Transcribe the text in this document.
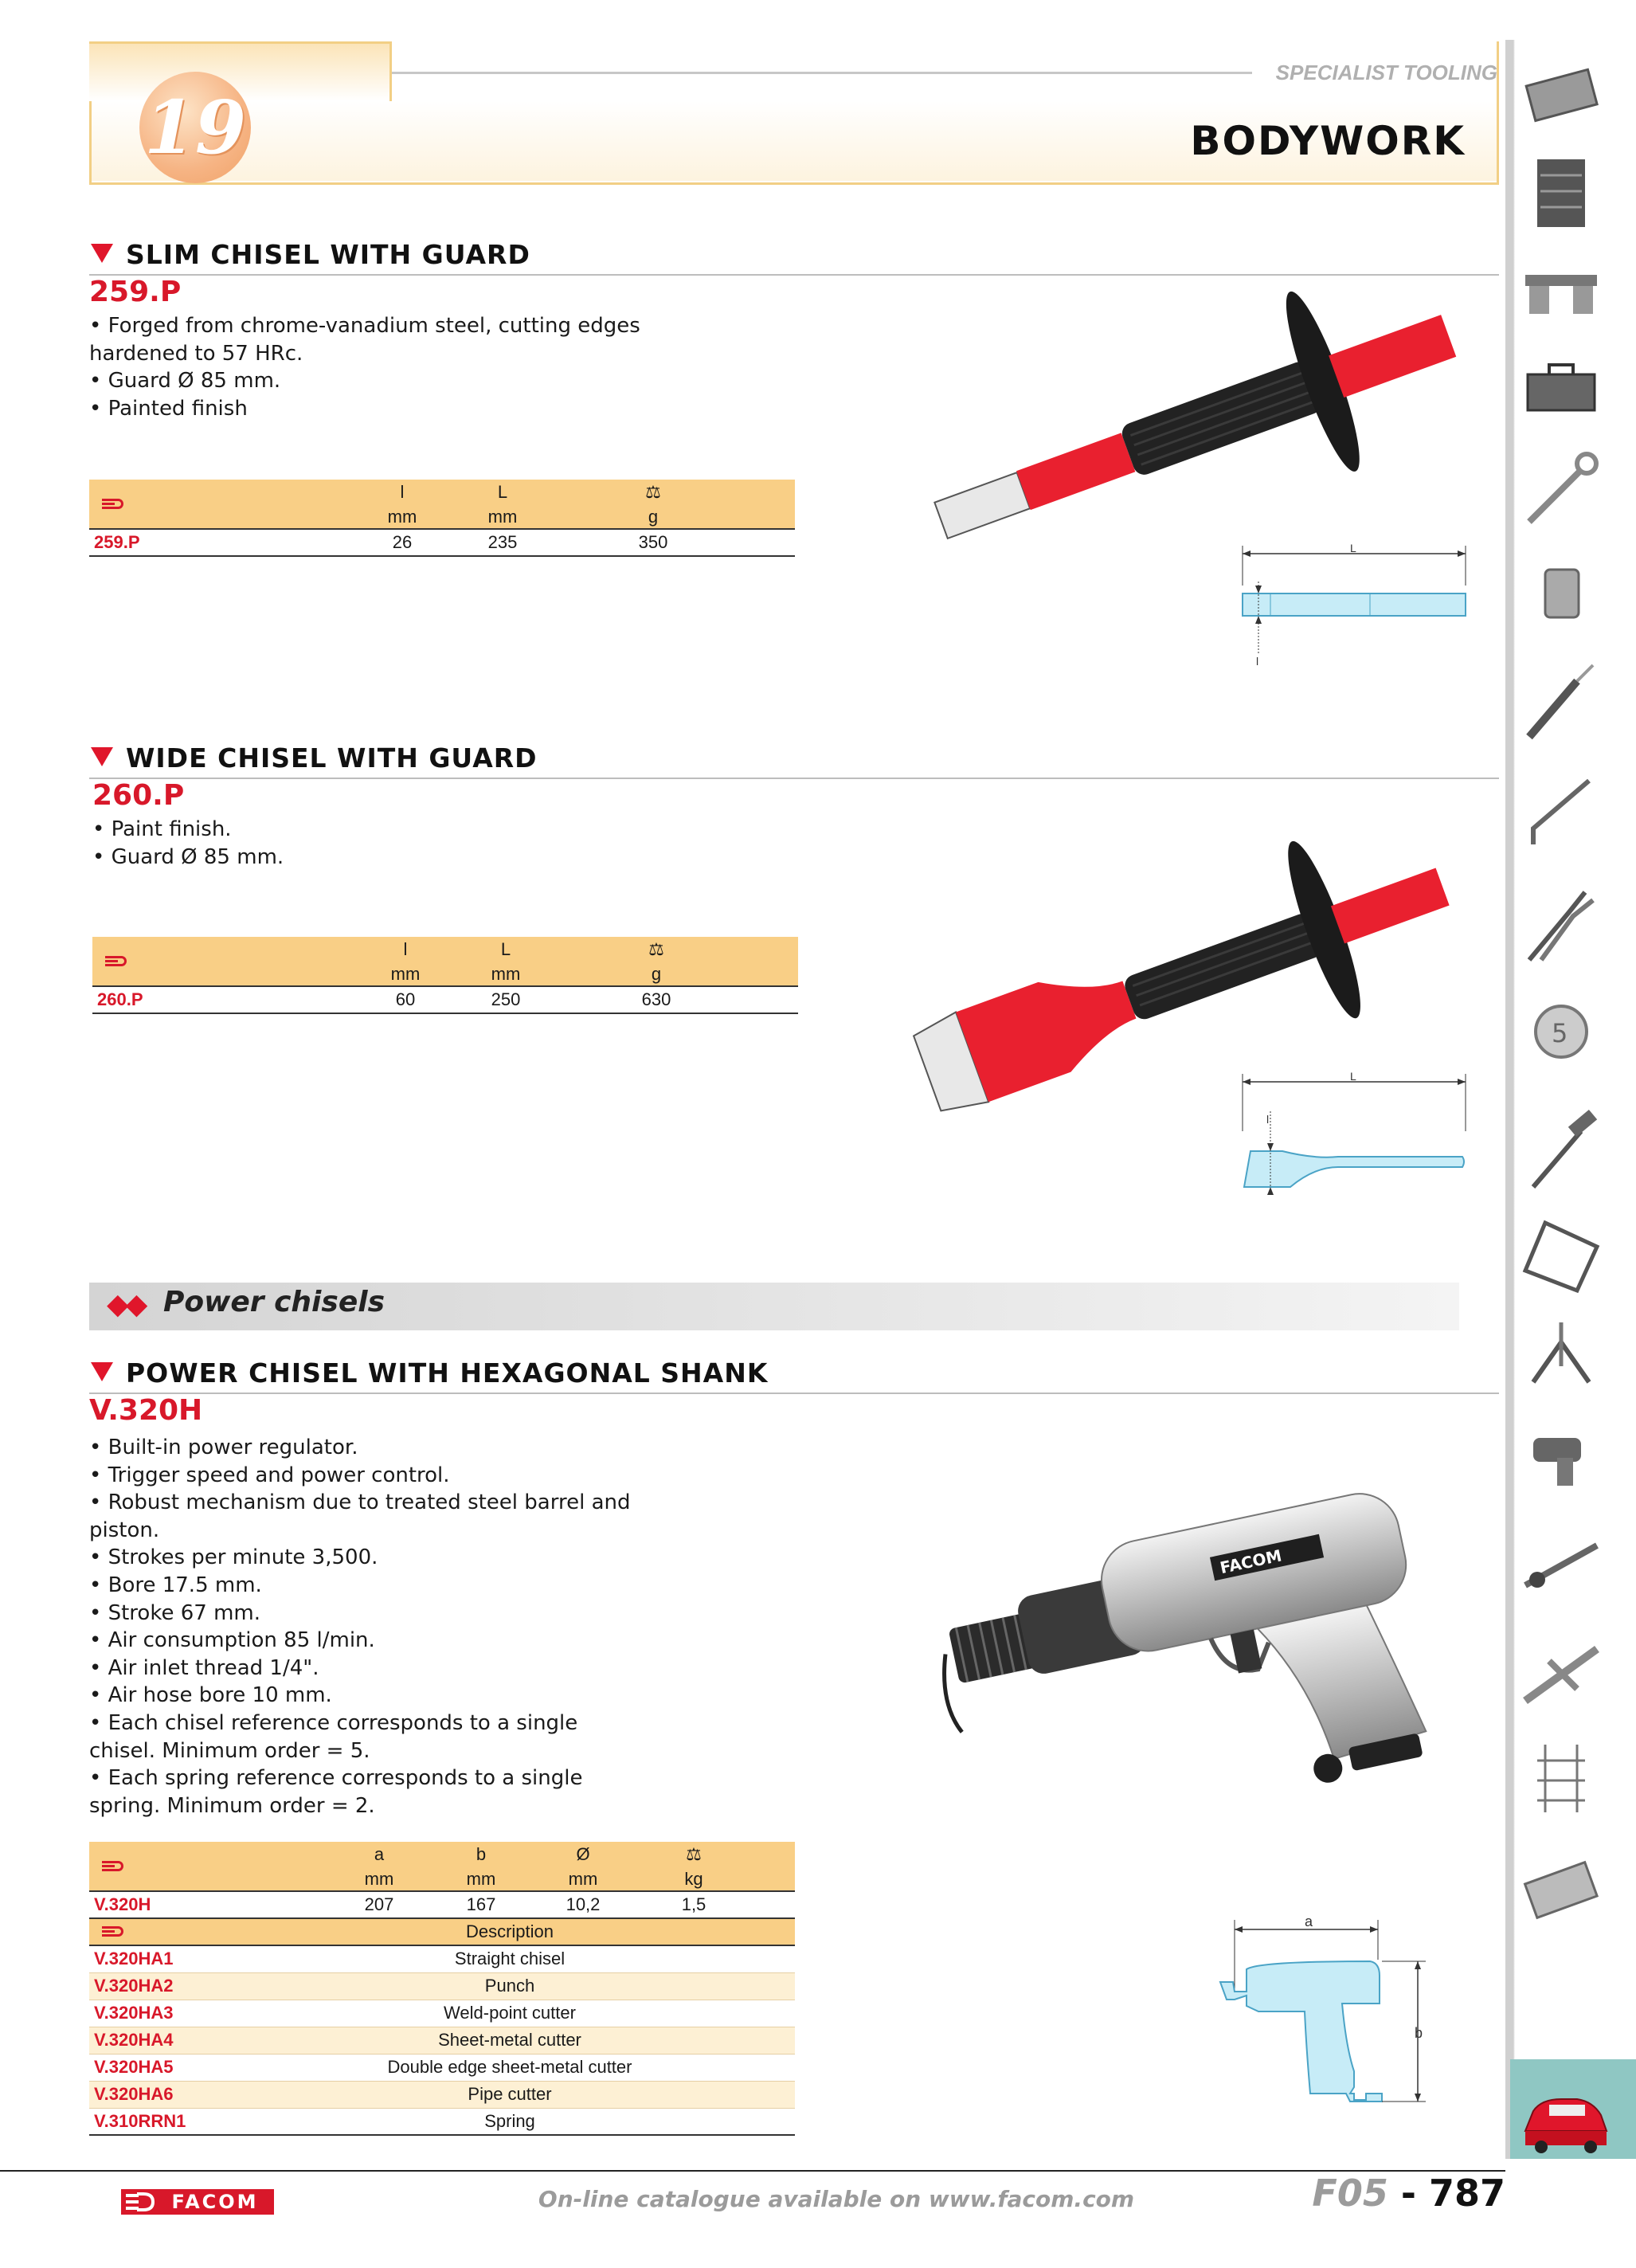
19
SPECIALIST TOOLING
BODYWORK
SLIM CHISEL WITH GUARD
259.P
• Forged from chrome-vanadium steel, cutting edges
hardened to 57 HRc.
• Guard Ø 85 mm.
• Painted finish
	l	L	⚖	
	mm	mm	g	
259.P	26	235	350		L
l
WIDE CHISEL WITH GUARD
260.P
• Paint finish.
• Guard Ø 85 mm.
	l	L	⚖	
	mm	mm	g	
260.P	60	250	630	
L
l
◆◆ Power chisels
POWER CHISEL WITH HEXAGONAL SHANK
V.320H
• Built-in power regulator.
• Trigger speed and power control.
• Robust mechanism due to treated steel barrel and
piston.
• Strokes per minute 3,500.
• Bore 17.5 mm.
• Stroke 67 mm.
• Air consumption 85 l/min.
• Air inlet thread 1/4".
• Air hose bore 10 mm.
• Each chisel reference corresponds to a single
chisel. Minimum order = 5.
• Each spring reference corresponds to a single
spring. Minimum order = 2.
	a	b	Ø	⚖	
	mm	mm	mm	kg	
V.320H	207	167	10,2	1,5	

	Description				
V.320HA1	Straight chisel				
V.320HA2	Punch				
V.320HA3	Weld-point cutter				
V.320HA4	Sheet-metal cutter				
V.320HA5	Double edge sheet-metal cutter				
V.320HA6	Pipe cutter				
V.310RRN1	Spring				
FACOM
a
b
5
FACOM	On-line catalogue available on www.facom.com	F05 - 787
